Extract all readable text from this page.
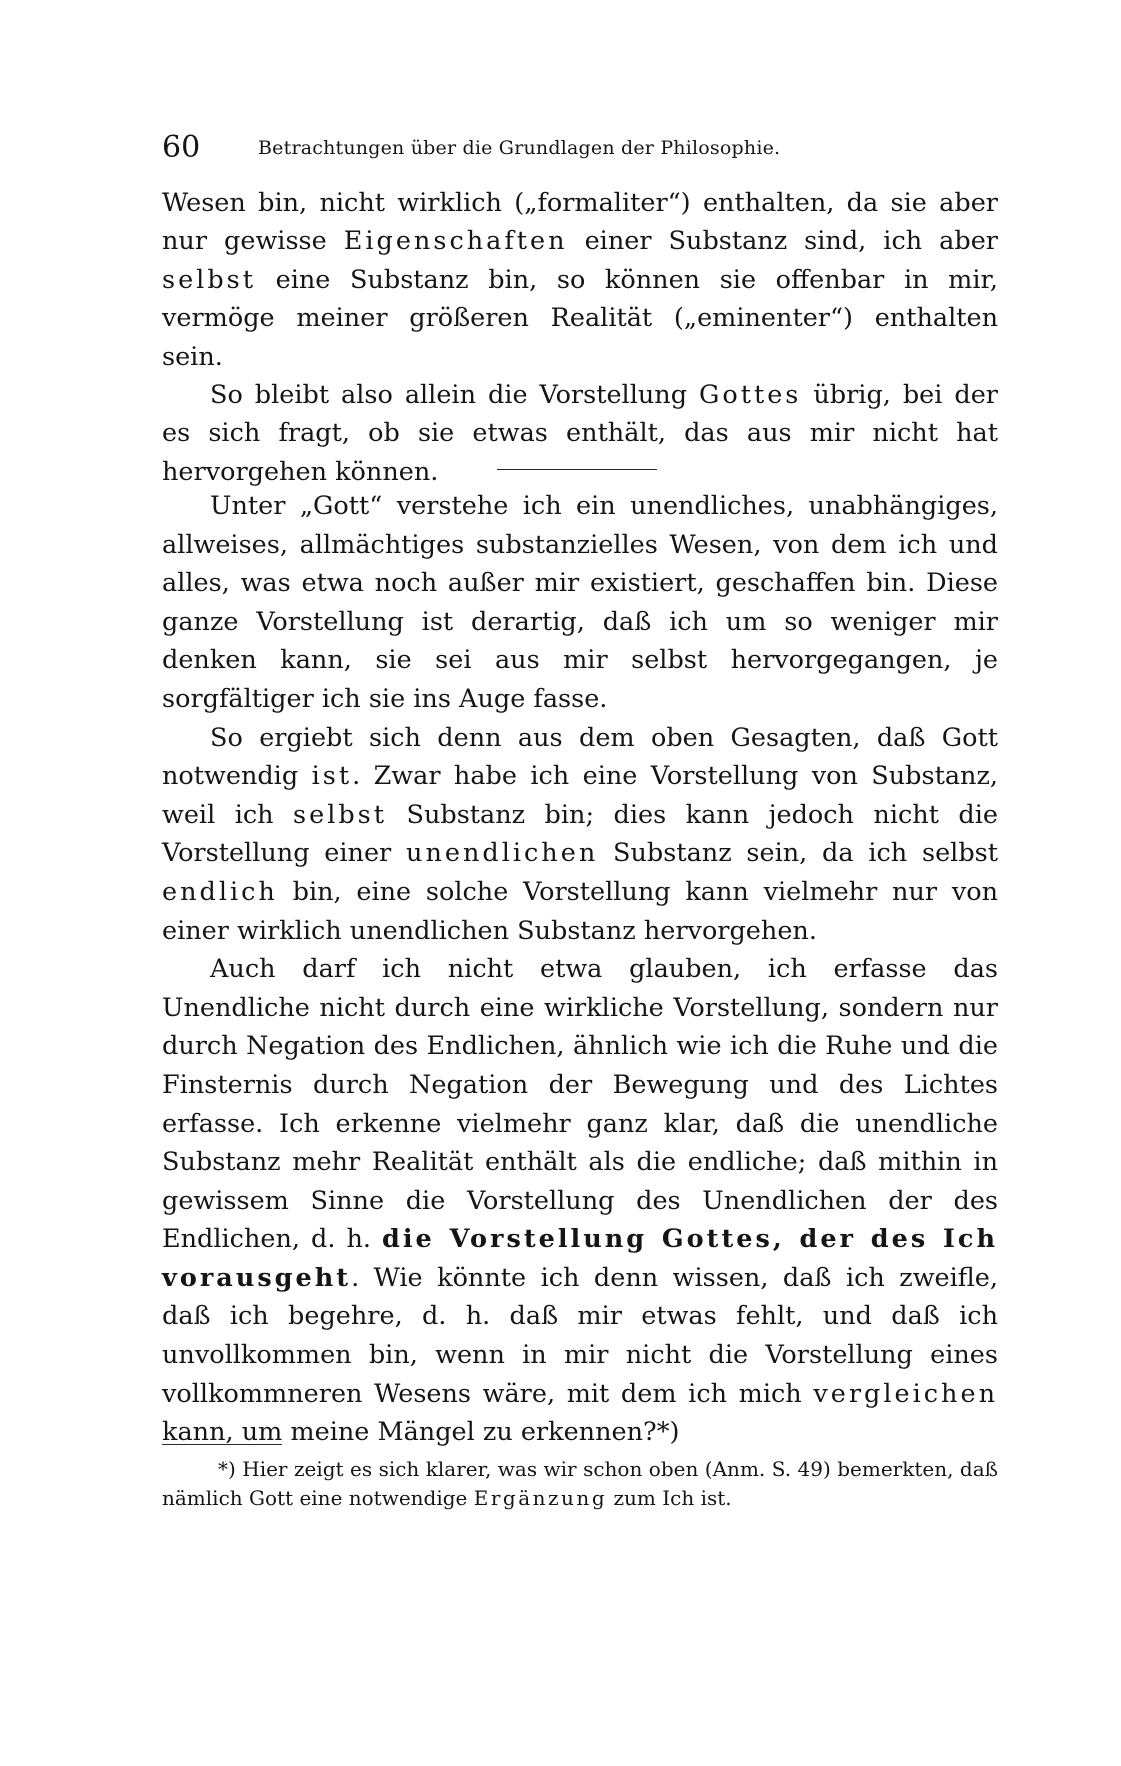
60	Betrachtungen über die Grundlagen der Philosophie.

Wesen bin, nicht wirklich („formaliter“) enthalten, da sie aber nur gewisse Eigenschaften einer Substanz sind, ich aber selbst eine Substanz bin, so können sie offenbar in mir, vermöge meiner größeren Realität („eminenter“) enthalten sein.

So bleibt also allein die Vorstellung Gottes übrig, bei der es sich fragt, ob sie etwas enthält, das aus mir nicht hat hervorgehen können.

Unter „Gott“ verstehe ich ein unendliches, unabhängiges, allweises, allmächtiges substanzielles Wesen, von dem ich und alles, was etwa noch außer mir existiert, geschaffen bin. Diese ganze Vorstellung ist derartig, daß ich um so weniger mir denken kann, sie sei aus mir selbst hervorgegangen, je sorgfältiger ich sie ins Auge fasse.

So ergiebt sich denn aus dem oben Gesagten, daß Gott notwendig ist. Zwar habe ich eine Vorstellung von Substanz, weil ich selbst Substanz bin; dies kann jedoch nicht die Vorstellung einer unendlichen Substanz sein, da ich selbst endlich bin, eine solche Vorstellung kann vielmehr nur von einer wirklich unendlichen Substanz hervorgehen.

Auch darf ich nicht etwa glauben, ich erfasse das Unendliche nicht durch eine wirkliche Vorstellung, sondern nur durch Negation des Endlichen, ähnlich wie ich die Ruhe und die Finsternis durch Negation der Bewegung und des Lichtes erfasse. Ich erkenne vielmehr ganz klar, daß die unendliche Substanz mehr Realität enthält als die endliche; daß mithin in gewissem Sinne die Vorstellung des Unendlichen der des Endlichen, d. h. die Vorstellung Gottes, der des Ich vorausgeht. Wie könnte ich denn wissen, daß ich zweifle, daß ich begehre, d. h. daß mir etwas fehlt, und daß ich unvollkommen bin, wenn in mir nicht die Vorstellung eines vollkommneren Wesens wäre, mit dem ich mich vergleichen kann, um meine Mängel zu erkennen?*)

*) Hier zeigt es sich klarer, was wir schon oben (Anm. S. 49) bemerkten, daß nämlich Gott eine notwendige Ergänzung zum Ich ist.
